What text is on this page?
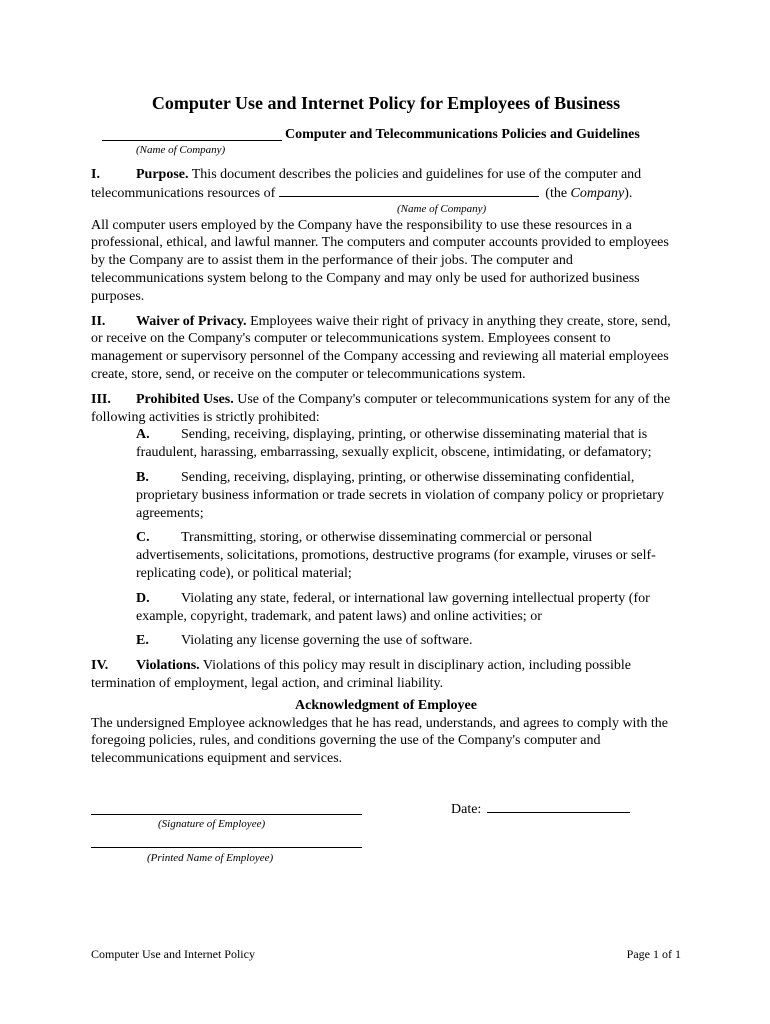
Computer Use and Internet Policy for Employees of Business
Computer and Telecommunications Policies and Guidelines
(Name of Company)
I.	Purpose. This document describes the policies and guidelines for use of the computer and telecommunications resources of	(the Company).
(Name of Company)
All computer users employed by the Company have the responsibility to use these resources in a professional, ethical, and lawful manner. The computers and computer accounts provided to employees by the Company are to assist them in the performance of their jobs. The computer and telecommunications system belong to the Company and may only be used for authorized business purposes.
II. Waiver of Privacy. Employees waive their right of privacy in anything they create, store, send, or receive on the Company's computer or telecommunications system. Employees consent to management or supervisory personnel of the Company accessing and reviewing all material employees create, store, send, or receive on the computer or telecommunications system.
III. Prohibited Uses. Use of the Company's computer or telecommunications system for any of the following activities is strictly prohibited:
A. Sending, receiving, displaying, printing, or otherwise disseminating material that is fraudulent, harassing, embarrassing, sexually explicit, obscene, intimidating, or defamatory;
B. Sending, receiving, displaying, printing, or otherwise disseminating confidential, proprietary business information or trade secrets in violation of company policy or proprietary agreements;
C. Transmitting, storing, or otherwise disseminating commercial or personal advertisements, solicitations, promotions, destructive programs (for example, viruses or self-replicating code), or political material;
D. Violating any state, federal, or international law governing intellectual property (for example, copyright, trademark, and patent laws) and online activities; or
E. Violating any license governing the use of software.
IV. Violations. Violations of this policy may result in disciplinary action, including possible termination of employment, legal action, and criminal liability.
Acknowledgment of Employee
The undersigned Employee acknowledges that he has read, understands, and agrees to comply with the foregoing policies, rules, and conditions governing the use of the Company's computer and telecommunications equipment and services.
(Signature of Employee)
Date:
(Printed Name of Employee)
Computer Use and Internet Policy	Page 1 of 1
